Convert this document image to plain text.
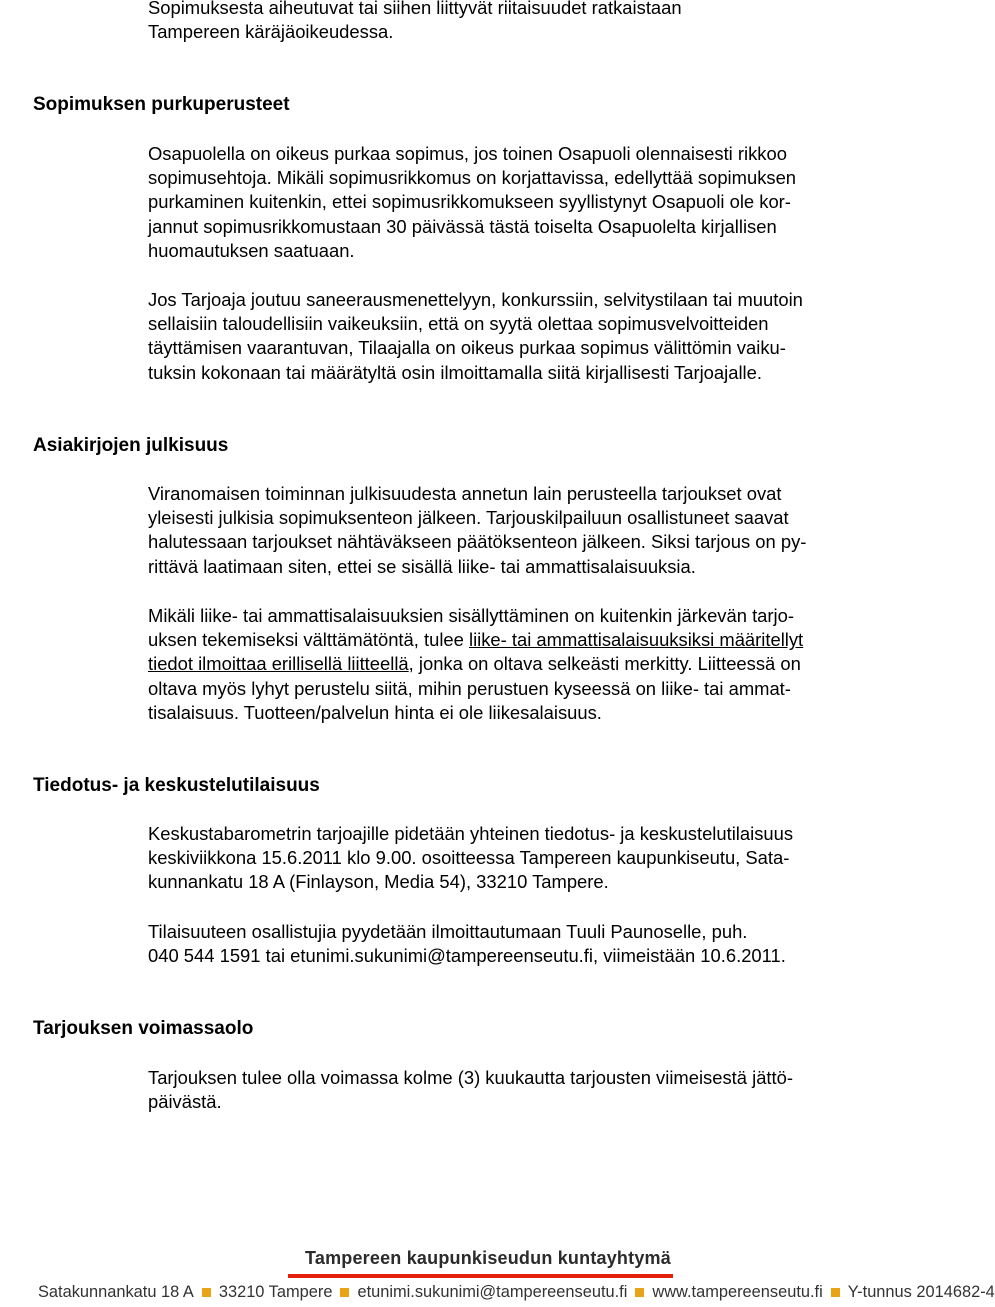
Sopimuksesta aiheutuvat tai siihen liittyvät riitaisuudet ratkaistaan
Tampereen käräjäoikeudessa.

Sopimuksen purkuperusteet

Osapuolella on oikeus purkaa sopimus, jos toinen Osapuoli olennaisesti rikkoo
sopimusehtoja. Mikäli sopimusrikkomus on korjattavissa, edellyttää sopimuksen
purkaminen kuitenkin, ettei sopimusrikkomukseen syyllistynyt Osapuoli ole kor-
jannut sopimusrikkomustaan 30 päivässä tästä toiselta Osapuolelta kirjallisen
huomautuksen saatuaan.

Jos Tarjoaja joutuu saneerausmenettelyyn, konkurssiin, selvitystilaan tai muutoin
sellaisiin taloudellisiin vaikeuksiin, että on syytä olettaa sopimusvelvoitteiden
täyttämisen vaarantuvan, Tilaajalla on oikeus purkaa sopimus välittömin vaiku-
tuksin kokonaan tai määrätyltä osin ilmoittamalla siitä kirjallisesti Tarjoajalle.

Asiakirjojen julkisuus

Viranomaisen toiminnan julkisuudesta annetun lain perusteella tarjoukset ovat
yleisesti julkisia sopimuksenteon jälkeen. Tarjouskilpailuun osallistuneet saavat
halutessaan tarjoukset nähtäväkseen päätöksenteon jälkeen. Siksi tarjous on py-
rittävä laatimaan siten, ettei se sisällä liike- tai ammattisalaisuuksia.

Mikäli liike- tai ammattisalaisuuksien sisällyttäminen on kuitenkin järkevän tarjo-
uksen tekemiseksi välttämätöntä, tulee liike- tai ammattisalaisuuksiksi määritellyt
tiedot ilmoittaa erillisellä liitteellä, jonka on oltava selkeästi merkitty. Liitteessä on
oltava myös lyhyt perustelu siitä, mihin perustuen kyseessä on liike- tai ammat-
tisalaisuus. Tuotteen/palvelun hinta ei ole liikesalaisuus.

Tiedotus- ja keskustelutilaisuus

Keskustabarometrin tarjoajille pidetään yhteinen tiedotus- ja keskustelutilaisuus
keskiviikkona 15.6.2011 klo 9.00. osoitteessa Tampereen kaupunkiseutu, Sata-
kunnankatu 18 A (Finlayson, Media 54), 33210 Tampere.

Tilaisuuteen osallistujia pyydetään ilmoittautumaan Tuuli Paunoselle, puh.
040 544 1591 tai etunimi.sukunimi@tampereenseutu.fi, viimeistään 10.6.2011.

Tarjouksen voimassaolo

Tarjouksen tulee olla voimassa kolme (3) kuukautta tarjousten viimeisestä jättö-
päivästä.

Tampereen kaupunkiseudun kuntayhtymä
Satakunnankatu 18 A 33210 Tampere etunimi.sukunimi@tampereenseutu.fi www.tampereenseutu.fi Y-tunnus 2014682-4
